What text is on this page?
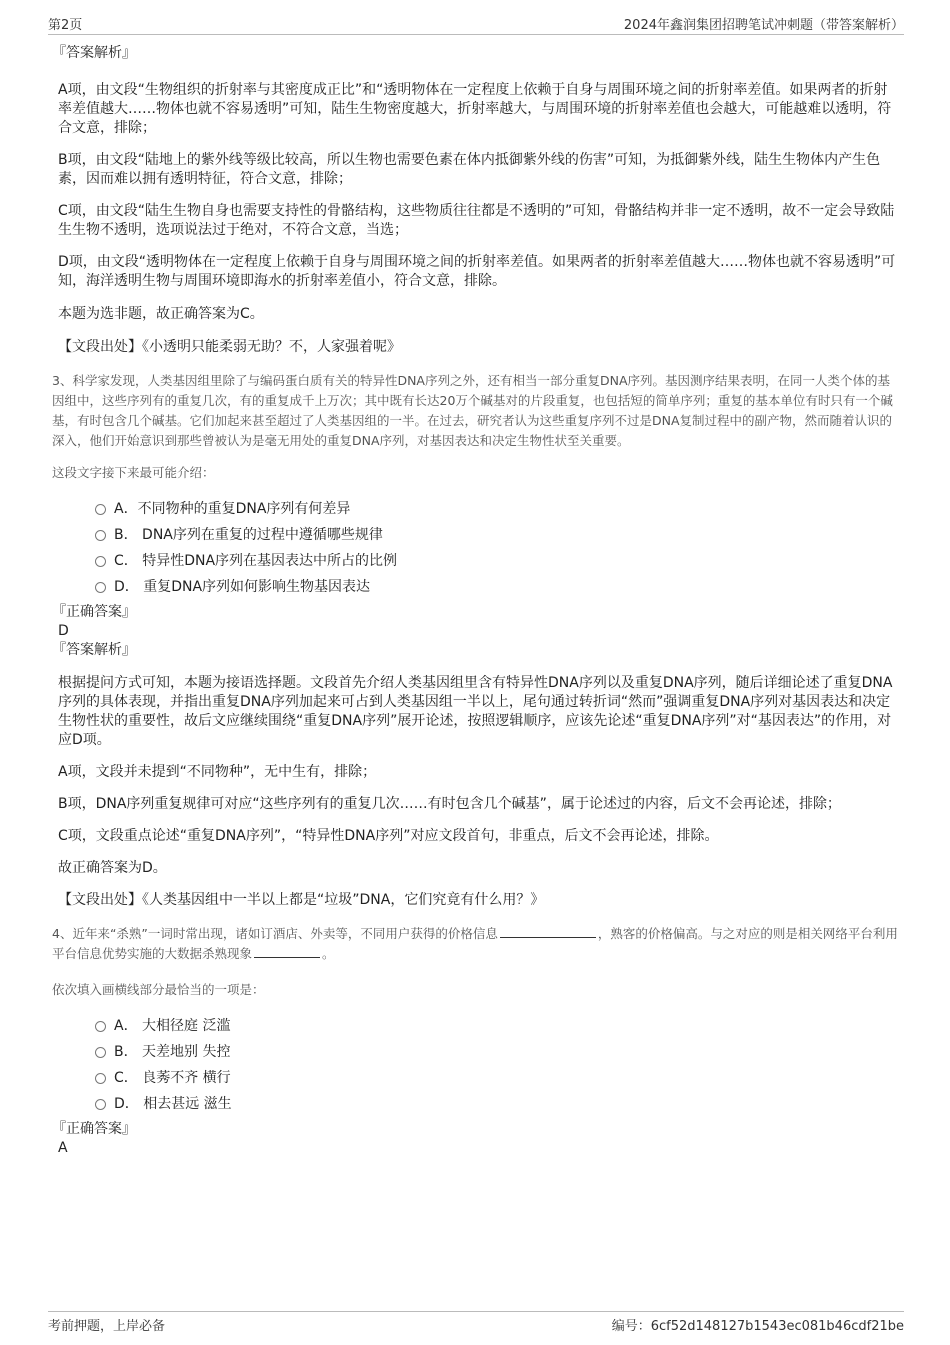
第2页	2024年鑫润集团招聘笔试冲刺题（带答案解析）

『答案解析』

A项，由文段“生物组织的折射率与其密度成正比”和“透明物体在一定程度上依赖于自身与周围环境之间的折射率差值。如果两者的折射率差值越大……物体也就不容易透明”可知，陆生生物密度越大，折射率越大，与周围环境的折射率差值也会越大，可能越难以透明，符合文意，排除；

B项，由文段“陆地上的紫外线等级比较高，所以生物也需要色素在体内抵御紫外线的伤害”可知，为抵御紫外线，陆生生物体内产生色素，因而难以拥有透明特征，符合文意，排除；

C项，由文段“陆生生物自身也需要支持性的骨骼结构，这些物质往往都是不透明的”可知，骨骼结构并非一定不透明，故不一定会导致陆生生物不透明，选项说法过于绝对，不符合文意，当选；

D项，由文段“透明物体在一定程度上依赖于自身与周围环境之间的折射率差值。如果两者的折射率差值越大……物体也就不容易透明”可知，海洋透明生物与周围环境即海水的折射率差值小，符合文意，排除。

本题为选非题，故正确答案为C。

【文段出处】《小透明只能柔弱无助？不，人家强着呢》

3、科学家发现，人类基因组里除了与编码蛋白质有关的特异性DNA序列之外，还有相当一部分重复DNA序列。基因测序结果表明，在同一人类个体的基因组中，这些序列有的重复几次，有的重复成千上万次；其中既有长达20万个碱基对的片段重复，也包括短的简单序列；重复的基本单位有时只有一个碱基，有时包含几个碱基。它们加起来甚至超过了人类基因组的一半。在过去，研究者认为这些重复序列不过是DNA复制过程中的副产物，然而随着认识的深入，他们开始意识到那些曾被认为是毫无用处的重复DNA序列，对基因表达和决定生物性状至关重要。

这段文字接下来最可能介绍：

A．不同物种的重复DNA序列有何差异
B． DNA序列在重复的过程中遵循哪些规律
C． 特异性DNA序列在基因表达中所占的比例
D． 重复DNA序列如何影响生物基因表达

『正确答案』

D

『答案解析』

根据提问方式可知，本题为接语选择题。文段首先介绍人类基因组里含有特异性DNA序列以及重复DNA序列，随后详细论述了重复DNA序列的具体表现，并指出重复DNA序列加起来可占到人类基因组一半以上，尾句通过转折词“然而”强调重复DNA序列对基因表达和决定生物性状的重要性，故后文应继续围绕“重复DNA序列”展开论述，按照逻辑顺序，应该先论述“重复DNA序列”对“基因表达”的作用，对应D项。

A项，文段并未提到“不同物种”，无中生有，排除；

B项，DNA序列重复规律可对应“这些序列有的重复几次……有时包含几个碱基”，属于论述过的内容，后文不会再论述，排除；

C项，文段重点论述“重复DNA序列”，“特异性DNA序列”对应文段首句，非重点，后文不会再论述，排除。

故正确答案为D。

【文段出处】《人类基因组中一半以上都是“垃圾”DNA，它们究竟有什么用？》

4、近年来“杀熟”一词时常出现，诸如订酒店、外卖等，不同用户获得的价格信息	，熟客的价格偏高。与之对应的则是相关网络平台利用平台信息优势实施的大数据杀熟现象	。

依次填入画横线部分最恰当的一项是：

A． 大相径庭 泛滥
B． 天差地别 失控
C． 良莠不齐 横行
D． 相去甚远 滋生

『正确答案』

A

考前押题，上岸必备	编号：6cf52d148127b1543ec081b46cdf21be
